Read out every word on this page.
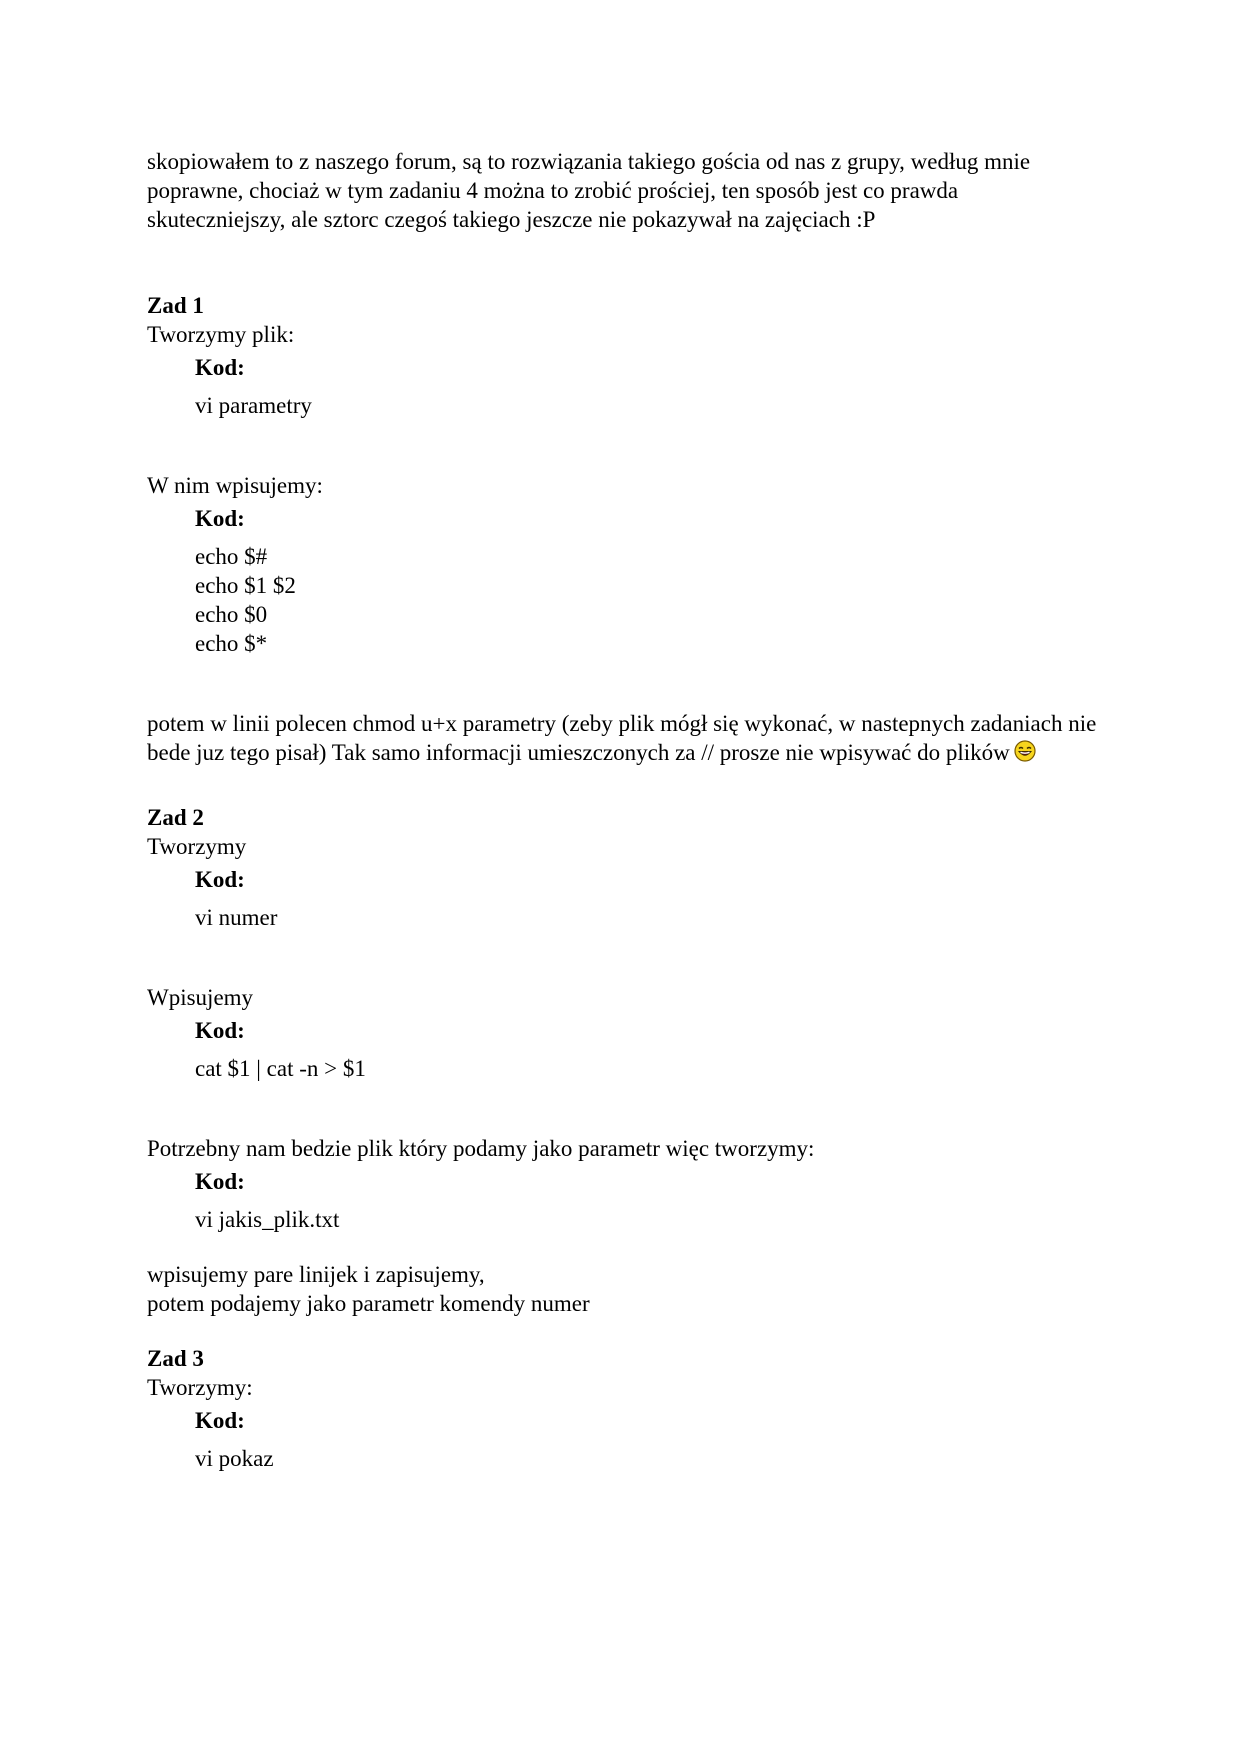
skopiowałem to z naszego forum, są to rozwiązania takiego gościa od nas z grupy, według mnie poprawne, chociaż w tym zadaniu 4 można to zrobić prościej, ten sposób jest co prawda skuteczniejszy, ale sztorc czegoś takiego jeszcze nie pokazywał na zajęciach :P

Zad 1

Tworzymy plik:

Kod:

vi parametry

W nim wpisujemy:

Kod:

echo $#
echo $1 $2
echo $0
echo $*

potem w linii polecen chmod u+x parametry (zeby plik mógł się wykonać, w nastepnych zadaniach nie bede juz tego pisał) Tak samo informacji umieszczonych za // prosze nie wpisywać do plików

Zad 2

Tworzymy

Kod:

vi numer

Wpisujemy

Kod:

cat $1 | cat -n > $1

Potrzebny nam bedzie plik który podamy jako parametr więc tworzymy:

Kod:

vi jakis_plik.txt

wpisujemy pare linijek i zapisujemy,

potem podajemy jako parametr komendy numer

Zad 3

Tworzymy:

Kod:

vi pokaz
